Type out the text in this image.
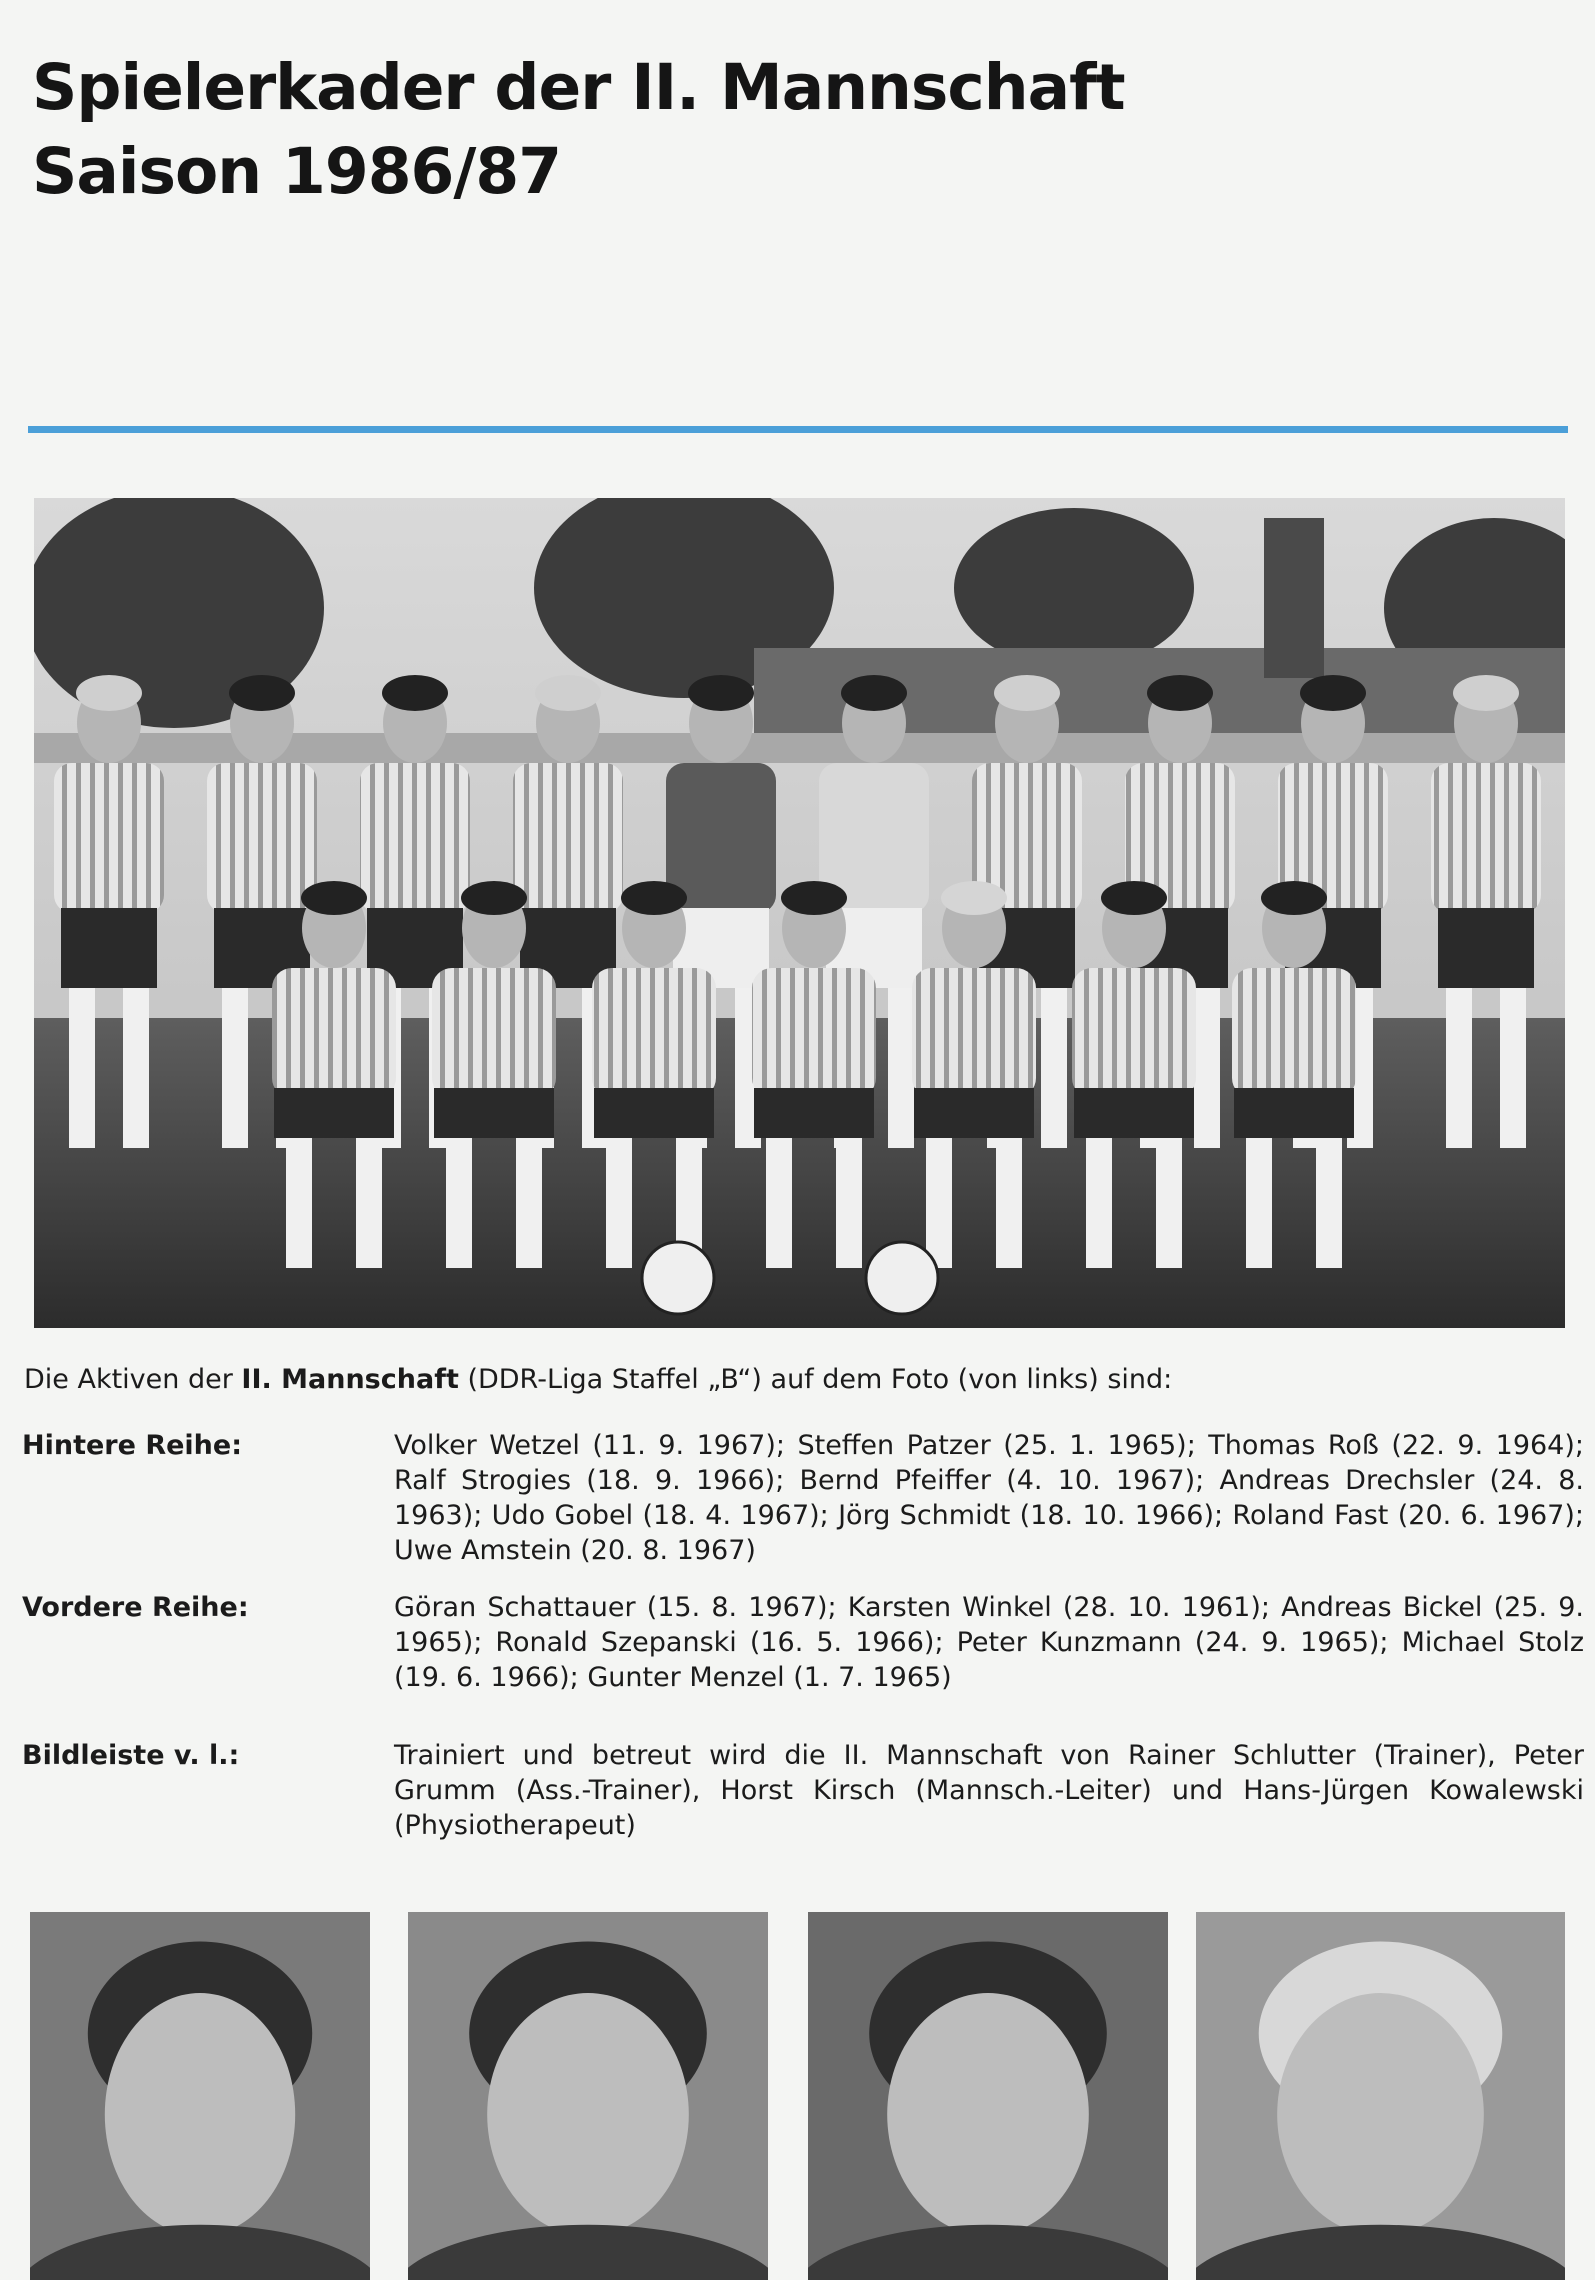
Spielerkader der II. Mannschaft
Saison 1986/87
Die Aktiven der II. Mannschaft (DDR-Liga Staffel „B“) auf dem Foto (von links) sind:
Hintere Reihe:	Volker Wetzel (11. 9. 1967); Steffen Patzer (25. 1. 1965); Thomas Roß (22. 9. 1964); Ralf Strogies (18. 9. 1966); Bernd Pfeiffer (4. 10. 1967); Andreas Drechsler (24. 8. 1963); Udo Gobel (18. 4. 1967); Jörg Schmidt (18. 10. 1966); Roland Fast (20. 6. 1967); Uwe Amstein (20. 8. 1967)
Vordere Reihe:	Göran Schattauer (15. 8. 1967); Karsten Winkel (28. 10. 1961); Andreas Bickel (25. 9. 1965); Ronald Szepanski (16. 5. 1966); Peter Kunzmann (24. 9. 1965); Michael Stolz (19. 6. 1966); Gunter Menzel (1. 7. 1965)
Bildleiste v. l.:	Trainiert und betreut wird die II. Mannschaft von Rainer Schlutter (Trainer), Peter Grumm (Ass.-Trainer), Horst Kirsch (Mannsch.-Leiter) und Hans-Jürgen Kowalewski (Physiotherapeut)
